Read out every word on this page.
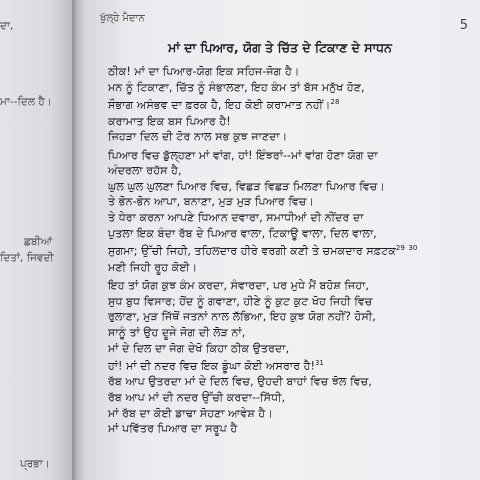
ਦਾ,
ਮਾ--ਦਿਲ ਹੈ।
ਛਬੀਆਂ
ਦਿਤਾਂ, ਜਿਵਦੀ
ਪ੍ਰਭਾ।
ਖੁੱਲ੍ਹੇ ਮੈਦਾਨ	5
ਮਾਂ ਦਾ ਪਿਆਰ, ਯੋਗ ਤੇ ਚਿੱਤ ਦੇ ਟਿਕਾਣ ਦੇ ਸਾਧਨ
ਠੀਕ! ਮਾਂ ਦਾ ਪਿਆਰ-ਯੋਗ ਇਕ ਸਹਿਜ-ਜੋਗ ਹੈ।
ਮਨ ਨੂੰ ਟਿਕਾਣਾ, ਚਿੱਤ ਨੂੰ ਸੰਭਾਲਣਾ, ਇਹ ਕੰਮ ਤਾਂ ਬੱਸ ਮਨੁੱਖ ਹੋਣ,
ਸੌਭਾਗ ਅਸੰਭਵ ਦਾ ਫ਼ਰਕ ਹੈ, ਇਹ ਕੋਈ ਕਰਾਮਾਤ ਨਹੀਂ।$^{28}$
ਕਰਾਮਾਤ ਇਕ ਬਸ ਪਿਆਰ ਹੈ!
ਜਿਹੜਾ ਦਿਲ ਦੀ ਟੋਰ ਨਾਲ ਸਭ ਕੁਝ ਜਾਣਦਾ।
ਪਿਆਰ ਵਿਚ ਡੁੱਲ੍ਹਣਾ ਮਾਂ ਵਾਂਗ, ਹਾਂ! ਇੰਝਰਾਂ--ਮਾਂ ਵਾਂਗ ਹੋਣਾ ਯੋਗ ਦਾ
ਅੰਦਰਲਾ ਰਹੱਸ ਹੈ,
ਘੁਲ ਘੁਲ ਘੁਲਣਾ ਪਿਆਰ ਵਿਚ, ਵਿਛੜ ਵਿਛੜ ਮਿਲਣਾ ਪਿਆਰ ਵਿਚ।
ਤੇ ਭੋਨ-ਭੋਨ ਆਪਾ, ਬਨਾਣਾ, ਮੁੜ ਮੁੜ ਪਿਆਰ ਵਿਚ।
ਤੇ ਧੇਰਾ ਕਰਨਾ ਆਪਣੇ ਧਿਆਨ ਦਵਾਰਾ, ਸਮਾਧੀਆਂ ਦੀ ਨੀਂਦਰ ਦਾ
ਪੁਤਲਾ ਇਕ ਬੰਦਾ ਰੱਬ ਦੇ ਪਿਆਰ ਵਾਲਾ, ਟਿਕਾਊ ਵਾਲਾ, ਦਿਲ ਵਾਲਾ,
ਸੁਗਮਾ; ਉੱਚੀ ਜਿਹੀ, ਤਹਿਲਦਾਰ ਹੀਰੇ ਵਰਗੀ ਕਣੀ ਤੇ ਚਮਕਦਾਰ ਸਫ਼ਟਕ$^{29}$ $^{30}$
ਮਣੀ ਜਿਹੀ ਰੂਹ ਕੋਈ।
ਇਹ ਤਾਂ ਯੋਗ ਕੁਝ ਕੰਮ ਕਰਦਾ, ਸੰਵਾਰਦਾ, ਪਰ ਮੁਧੇ ਮੈਂ ਬਹੋਸ਼ ਜਿਹਾ,
ਸੁਧ ਬੁਧ ਵਿਸਾਰ; ਹੋਂਦ ਨੂੰ ਗਵਾਣਾ, ਹੀਣੇ ਨੂੰ ਕੁਟ ਕੁਟ ਖੋਹ ਜਿਹੀ ਵਿਚ
ਰੁਲਾਣਾ, ਮੁੜ ਜਿੱਥੋਂ ਜਤਨਾਂ ਨਾਲ ਲੱਭਿਆ, ਇਹ ਕੁਝ ਯੋਗ ਨਹੀਂ? ਹੋਸੀ,
ਸਾਨੂੰ ਤਾਂ ਉਹ ਦੂਜੇ ਜੋਗ ਦੀ ਲੋੜ ਨਾਂ,
ਮਾਂ ਦੇ ਦਿਲ ਦਾ ਜੋਗ ਦੇਖੋ ਕਿਹਾ ਠੀਕ ਉਤਰਦਾ,
ਹਾਂ! ਮਾਂ ਦੀ ਨਦਰ ਵਿਚ ਇਕ ਡੂੰਘਾ ਕੋਈ ਅਸਰਾਰ ਹੈ!$^{31}$
ਰੱਬ ਆਪ ਉਤਰਦਾ ਮਾਂ ਦੇ ਦਿਲ ਵਿਚ, ਉਹਦੀ ਬਾਹਾਂ ਵਿਚ ਝੋਲ ਵਿਚ,
ਰੱਬ ਆਪ ਮਾਂ ਦੀ ਨਦਰ ਉੱਚੀ ਕਰਦਾ--ਸਿੱਧੀ,
ਮਾਂ ਰੱਬ ਦਾ ਕੋਈ ਡਾਢਾ ਸੋਹਣਾ ਆਵੇਸ਼ ਹੈ।
ਮਾਂ ਪਵਿੱਤਰ ਪਿਆਰ ਦਾ ਸਰੂਪ ਹੈ
